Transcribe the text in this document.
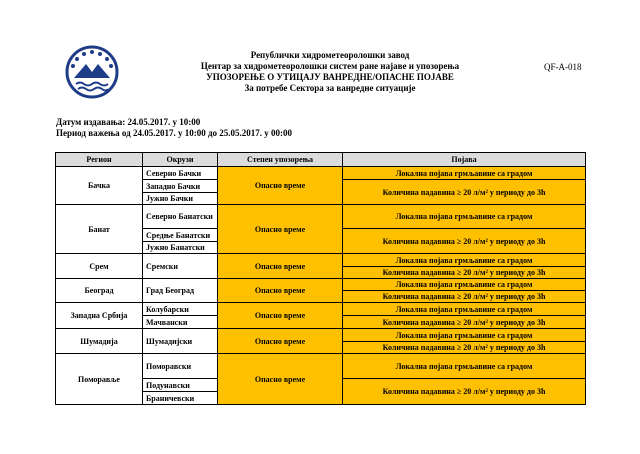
Републички хидрометеоролошки завод
Центар за хидрометеоролошки систем ране најаве и упозорења
УПОЗОРЕЊЕ О УТИЦАЈУ ВАНРЕДНЕ/ОПАСНЕ ПОЈАВЕ
За потребе Сектора за ванредне ситуације
QF-A-018
Датум издавања: 24.05.2017. у 10:00
Период важења од 24.05.2017. у 10:00 до 25.05.2017. у 00:00
Регион	Окрузи	Степен упозорења	Појава
Бачка	Северно Бачки	Опасно време	Локална појава грмљавине са градом
	Западно Бачки		Количина падавина ≥ 20 л/м² у периоду до 3h
	Јужно Бачки		
Банат	Северно Банатски	Опасно време	Локална појава грмљавине са градом
	Средње Банатски		Количина падавина ≥ 20 л/м² у периоду до 3h
	Јужно Банатски		
Срем	Сремски	Опасно време	Локална појава грмљавине са градом
			Количина падавина ≥ 20 л/м² у периоду до 3h
Београд	Град Београд	Опасно време	Локална појава грмљавине са градом
			Количина падавина ≥ 20 л/м² у периоду до 3h
Западна Србија	Колубарски	Опасно време	Локална појава грмљавине са градом
	Мачвански		Количина падавина ≥ 20 л/м² у периоду до 3h
Шумадија	Шумадијски	Опасно време	Локална појава грмљавине са градом
			Количина падавина ≥ 20 л/м² у периоду до 3h
Поморавље	Поморавски	Опасно време	Локална појава грмљавине са градом
	Подунавски		Количина падавина ≥ 20 л/м² у периоду до 3h
	Браничевски		
